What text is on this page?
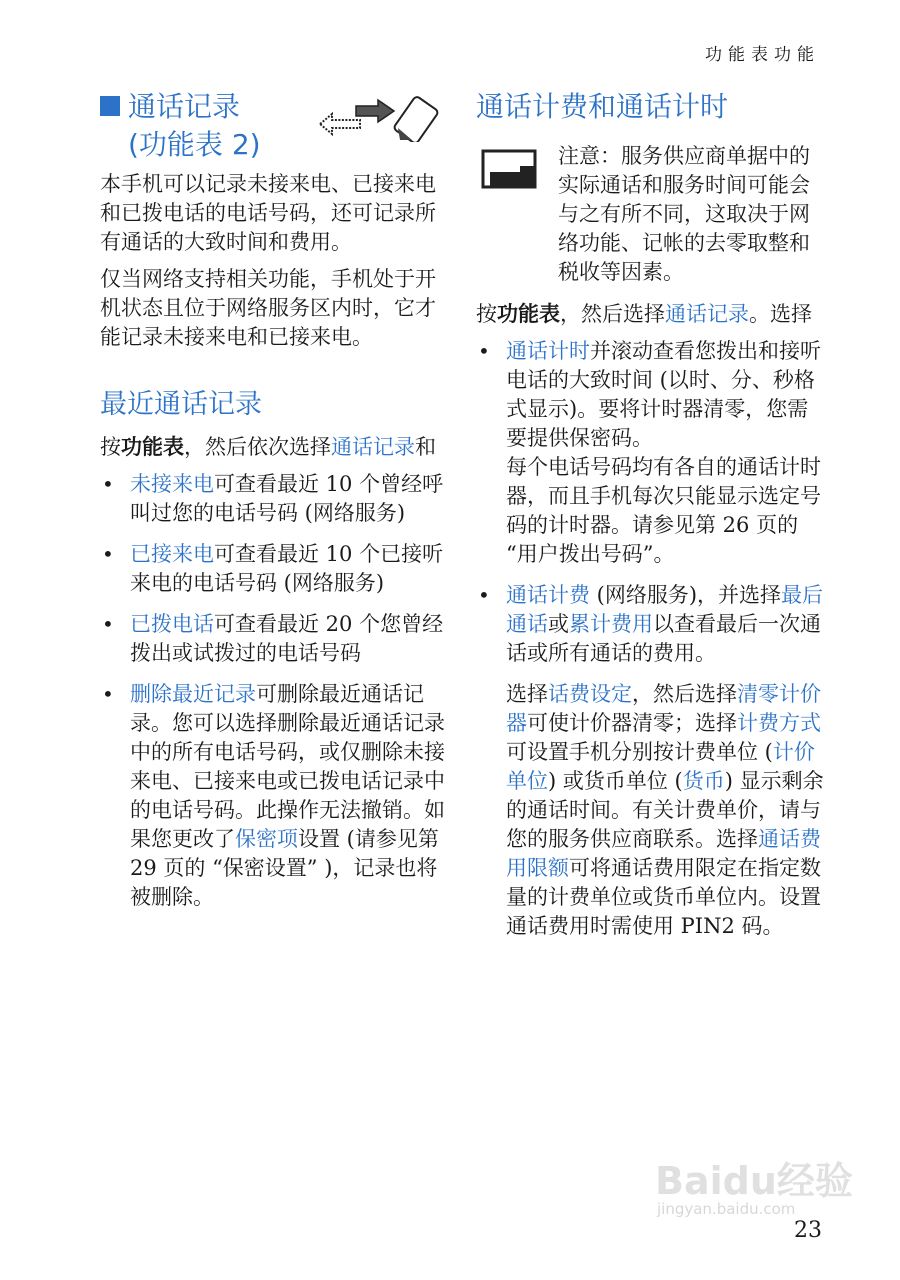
功能表功能
通话记录
(功能表 2)

本手机可以记录未接来电、已接来电和已拨电话的电话号码，还可记录所有通话的大致时间和费用。

仅当网络支持相关功能，手机处于开机状态且位于网络服务区内时，它才能记录未接来电和已接来电。

最近通话记录

按功能表，然后依次选择通话记录和

• 未接来电可查看最近 10 个曾经呼叫过您的电话号码 (网络服务)
• 已接来电可查看最近 10 个已接听来电的电话号码 (网络服务)
• 已拨电话可查看最近 20 个您曾经拨出或试拨过的电话号码
• 删除最近记录可删除最近通话记录。您可以选择删除最近通话记录中的所有电话号码，或仅删除未接来电、已接来电或已拨电话记录中的电话号码。此操作无法撤销。如果您更改了保密项设置 (请参见第 29 页的 “保密设置” )，记录也将被删除。
通话计费和通话计时

注意：服务供应商单据中的实际通话和服务时间可能会与之有所不同，这取决于网络功能、记帐的去零取整和税收等因素。

按功能表，然后选择通话记录。选择

• 通话计时并滚动查看您拨出和接听电话的大致时间 (以时、分、秒格式显示)。要将计时器清零，您需要提供保密码。
每个电话号码均有各自的通话计时器，而且手机每次只能显示选定号码的计时器。请参见第 26 页的 “用户拨出号码”。
• 通话计费 (网络服务)，并选择最后通话或累计费用以查看最后一次通话或所有通话的费用。

选择话费设定，然后选择清零计价器可使计价器清零；选择计费方式可设置手机分别按计费单位 (计价单位) 或货币单位 (货币) 显示剩余的通话时间。有关计费单价，请与您的服务供应商联系。选择通话费用限额可将通话费用限定在指定数量的计费单位或货币单位内。设置通话费用时需使用 PIN2 码。

Baidu经验
jingyan.baidu.com
23
